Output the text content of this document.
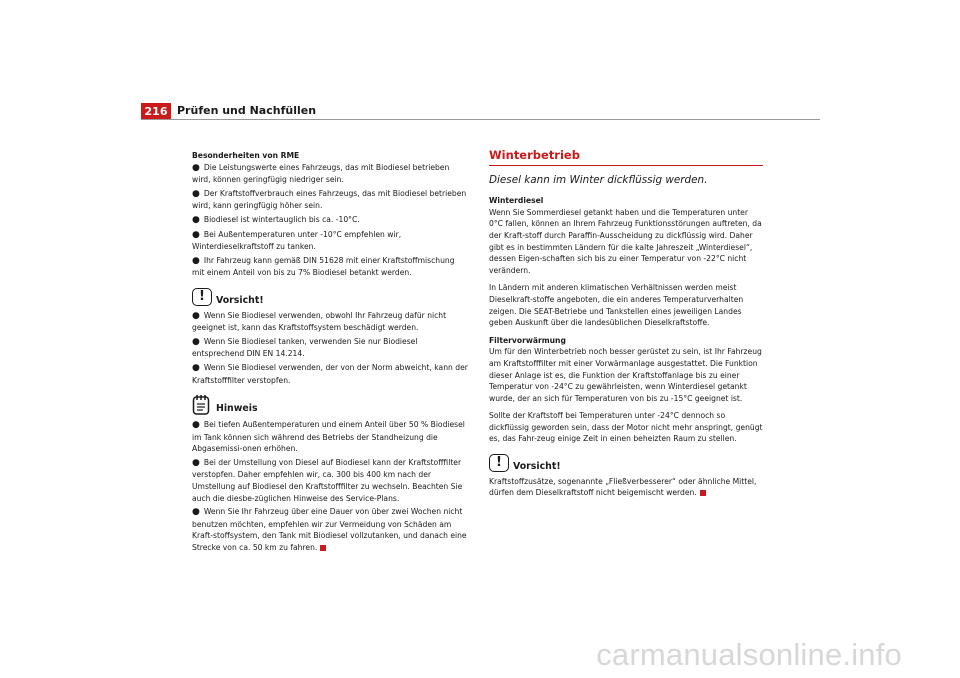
216 Prüfen und Nachfüllen

Besonderheiten von RME

● Die Leistungswerte eines Fahrzeugs, das mit Biodiesel betrieben wird, können geringfügig niedriger sein.

● Der Kraftstoffverbrauch eines Fahrzeugs, das mit Biodiesel betrieben wird, kann geringfügig höher sein.

● Biodiesel ist wintertauglich bis ca. -10°C.

● Bei Außentemperaturen unter -10°C empfehlen wir, Winterdieselkraftstoff zu tanken.

● Ihr Fahrzeug kann gemäß DIN 51628 mit einer Kraftstoffmischung mit einem Anteil von bis zu 7% Biodiesel betankt werden.

!	Vorsicht!

● Wenn Sie Biodiesel verwenden, obwohl Ihr Fahrzeug dafür nicht geeignet ist, kann das Kraftstoffsystem beschädigt werden.

● Wenn Sie Biodiesel tanken, verwenden Sie nur Biodiesel entsprechend DIN EN 14.214.

● Wenn Sie Biodiesel verwenden, der von der Norm abweicht, kann der Kraftstofffilter verstopfen.

Hinweis

● Bei tiefen Außentemperaturen und einem Anteil über 50 % Biodiesel im Tank können sich während des Betriebs der Standheizung die Abgasemissi-onen erhöhen.

● Bei der Umstellung von Diesel auf Biodiesel kann der Kraftstofffilter verstopfen. Daher empfehlen wir, ca. 300 bis 400 km nach der Umstellung auf Biodiesel den Kraftstofffilter zu wechseln. Beachten Sie auch die diesbe-züglichen Hinweise des Service-Plans.

● Wenn Sie Ihr Fahrzeug über eine Dauer von über zwei Wochen nicht benutzen möchten, empfehlen wir zur Vermeidung von Schäden am Kraft-stoffsystem, den Tank mit Biodiesel vollzutanken, und danach eine Strecke von ca. 50 km zu fahren.

Winterbetrieb
Diesel kann im Winter dickflüssig werden.

Winterdiesel

Wenn Sie Sommerdiesel getankt haben und die Temperaturen unter 0°C fallen, können an Ihrem Fahrzeug Funktionsstörungen auftreten, da der Kraft-stoff durch Paraffin-Ausscheidung zu dickflüssig wird. Daher gibt es in bestimmten Ländern für die kalte Jahreszeit „Winterdiesel“, dessen Eigen-schaften sich bis zu einer Temperatur von -22°C nicht verändern.

In Ländern mit anderen klimatischen Verhältnissen werden meist Dieselkraft-stoffe angeboten, die ein anderes Temperaturverhalten zeigen. Die SEAT-Betriebe und Tankstellen eines jeweiligen Landes geben Auskunft über die landesüblichen Dieselkraftstoffe.

Filtervorwärmung

Um für den Winterbetrieb noch besser gerüstet zu sein, ist Ihr Fahrzeug am Kraftstofffilter mit einer Vorwärmanlage ausgestattet. Die Funktion dieser Anlage ist es, die Funktion der Kraftstoffanlage bis zu einer Temperatur von -24°C zu gewährleisten, wenn Winterdiesel getankt wurde, der an sich für Temperaturen von bis zu -15°C geeignet ist.

Sollte der Kraftstoff bei Temperaturen unter -24°C dennoch so dickflüssig geworden sein, dass der Motor nicht mehr anspringt, genügt es, das Fahr-zeug einige Zeit in einen beheizten Raum zu stellen.

!	Vorsicht!

Kraftstoffzusätze, sogenannte „Fließverbesserer“ oder ähnliche Mittel, dürfen dem Dieselkraftstoff nicht beigemischt werden.

carmanualsonline.info
